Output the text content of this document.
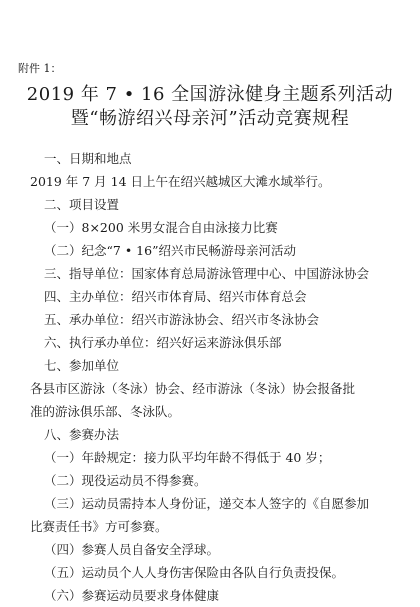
附件 1：
2019 年 7 • 16 全国游泳健身主题系列活动
暨“畅游绍兴母亲河”活动竞赛规程
一、日期和地点
2019 年 7 月 14 日上午在绍兴越城区大滩水域举行。
二、项目设置
（一）8×200 米男女混合自由泳接力比赛
（二）纪念“7 • 16”绍兴市民畅游母亲河活动
三、指导单位：国家体育总局游泳管理中心、中国游泳协会
四、主办单位：绍兴市体育局、绍兴市体育总会
五、承办单位：绍兴市游泳协会、绍兴市冬泳协会
六、执行承办单位：绍兴好运来游泳俱乐部
七、参加单位
各县市区游泳（冬泳）协会、经市游泳（冬泳）协会报备批
准的游泳俱乐部、冬泳队。
八、参赛办法
（一）年龄规定：接力队平均年龄不得低于 40 岁；
（二）现役运动员不得参赛。
（三）运动员需持本人身份证，递交本人签字的《自愿参加
比赛责任书》方可参赛。
（四）参赛人员自备安全浮球。
（五）运动员个人人身伤害保险由各队自行负责投保。
（六）参赛运动员要求身体健康
